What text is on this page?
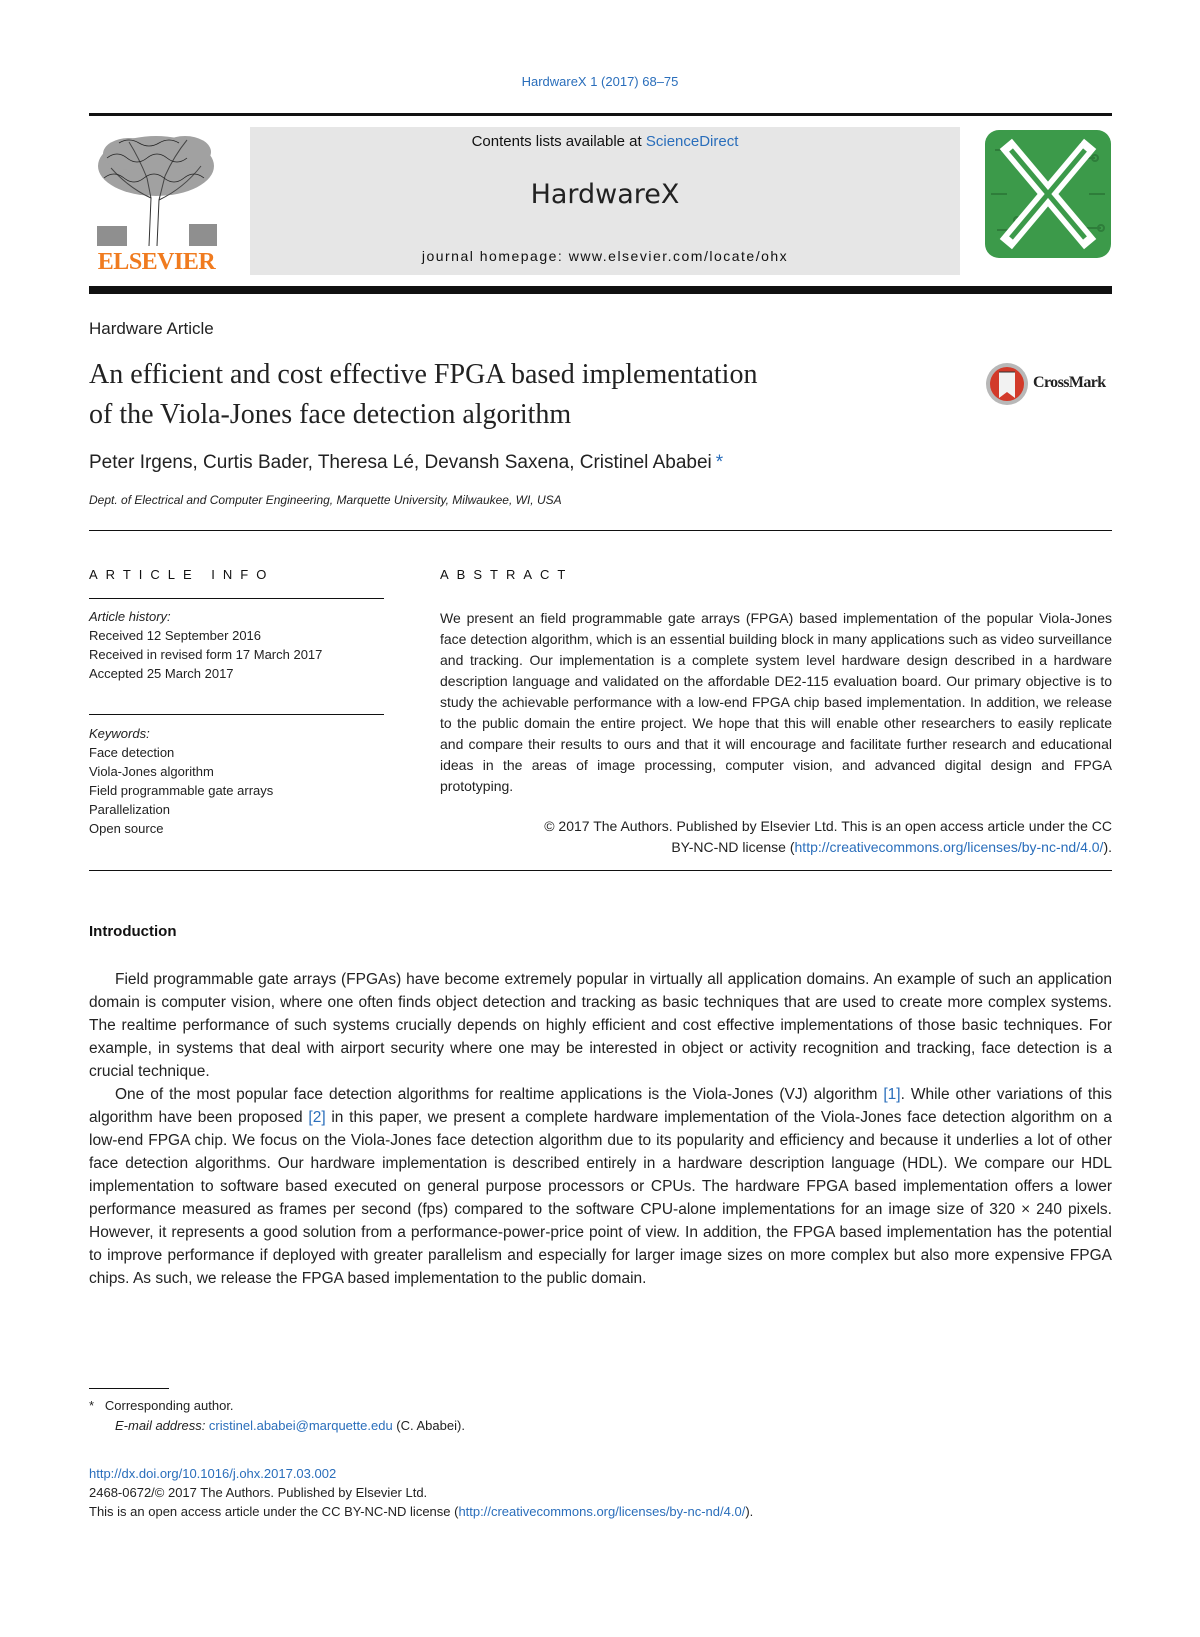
HardwareX 1 (2017) 68–75
ELSEVIER
Contents lists available at ScienceDirect
HardwareX
journal homepage: www.elsevier.com/locate/ohx
Hardware Article
An efficient and cost effective FPGA based implementation
of the Viola-Jones face detection algorithm
CrossMark
Peter Irgens, Curtis Bader, Theresa Lé, Devansh Saxena, Cristinel Ababei *
Dept. of Electrical and Computer Engineering, Marquette University, Milwaukee, WI, USA
ARTICLE INFO	ABSTRACT
Article history:
Received 12 September 2016
Received in revised form 17 March 2017
Accepted 25 March 2017
Keywords:
Face detection
Viola-Jones algorithm
Field programmable gate arrays
Parallelization
Open source
We present an field programmable gate arrays (FPGA) based implementation of the popular Viola-Jones face detection algorithm, which is an essential building block in many applications such as video surveillance and tracking. Our implementation is a complete system level hardware design described in a hardware description language and validated on the affordable DE2-115 evaluation board. Our primary objective is to study the achievable performance with a low-end FPGA chip based implementation. In addition, we release to the public domain the entire project. We hope that this will enable other researchers to easily replicate and compare their results to ours and that it will encourage and facilitate further research and educational ideas in the areas of image processing, computer vision, and advanced digital design and FPGA prototyping.
© 2017 The Authors. Published by Elsevier Ltd. This is an open access article under the CC
BY-NC-ND license (http://creativecommons.org/licenses/by-nc-nd/4.0/).
Introduction

Field programmable gate arrays (FPGAs) have become extremely popular in virtually all application domains. An example of such an application domain is computer vision, where one often finds object detection and tracking as basic techniques that are used to create more complex systems. The realtime performance of such systems crucially depends on highly efficient and cost effective implementations of those basic techniques. For example, in systems that deal with airport security where one may be interested in object or activity recognition and tracking, face detection is a crucial technique.

One of the most popular face detection algorithms for realtime applications is the Viola-Jones (VJ) algorithm [1]. While other variations of this algorithm have been proposed [2] in this paper, we present a complete hardware implementation of the Viola-Jones face detection algorithm on a low-end FPGA chip. We focus on the Viola-Jones face detection algorithm due to its popularity and efficiency and because it underlies a lot of other face detection algorithms. Our hardware implementation is described entirely in a hardware description language (HDL). We compare our HDL implementation to software based executed on general purpose processors or CPUs. The hardware FPGA based implementation offers a lower performance measured as frames per second (fps) compared to the software CPU-alone implementations for an image size of 320 × 240 pixels. However, it represents a good solution from a performance-power-price point of view. In addition, the FPGA based implementation has the potential to improve performance if deployed with greater parallelism and especially for larger image sizes on more complex but also more expensive FPGA chips. As such, we release the FPGA based implementation to the public domain.

* Corresponding author.
E-mail address: cristinel.ababei@marquette.edu (C. Ababei).
http://dx.doi.org/10.1016/j.ohx.2017.03.002
2468-0672/© 2017 The Authors. Published by Elsevier Ltd.
This is an open access article under the CC BY-NC-ND license (http://creativecommons.org/licenses/by-nc-nd/4.0/).
